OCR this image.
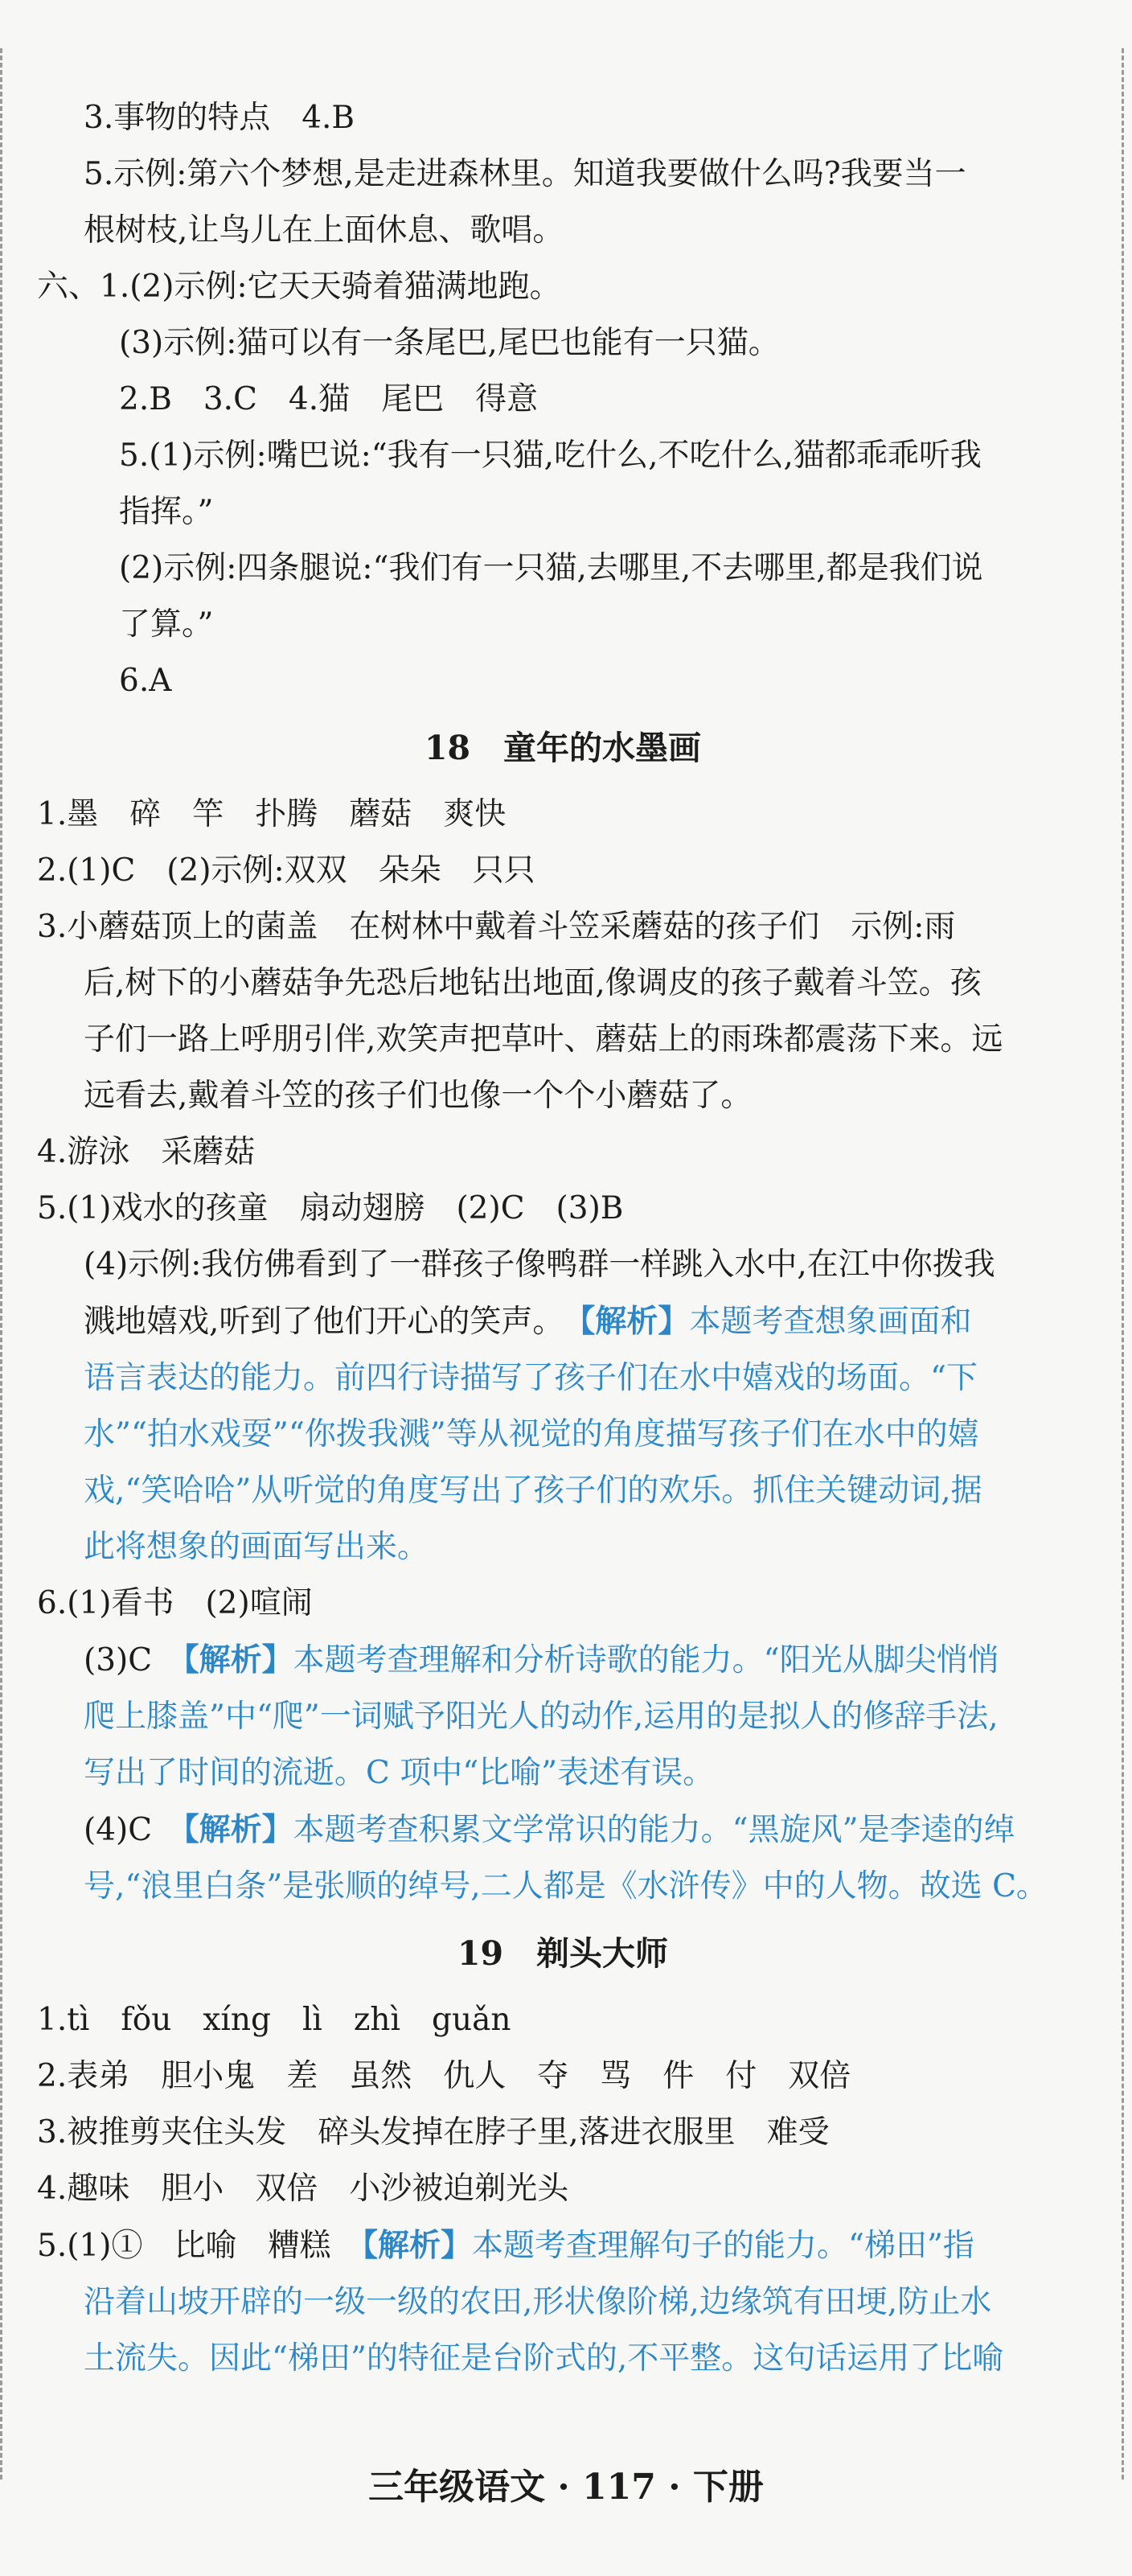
3.事物的特点　4.B
5.示例:第六个梦想,是走进森林里。知道我要做什么吗?我要当一
根树枝,让鸟儿在上面休息、歌唱。
六、1.(2)示例:它天天骑着猫满地跑。
(3)示例:猫可以有一条尾巴,尾巴也能有一只猫。
2.B　3.C　4.猫　尾巴　得意
5.(1)示例:嘴巴说:“我有一只猫,吃什么,不吃什么,猫都乖乖听我
指挥。”
(2)示例:四条腿说:“我们有一只猫,去哪里,不去哪里,都是我们说
了算。”
6.A
18　童年的水墨画
1.墨　碎　竿　扑腾　蘑菇　爽快
2.(1)C　(2)示例:双双　朵朵　只只
3.小蘑菇顶上的菌盖　在树林中戴着斗笠采蘑菇的孩子们　示例:雨
后,树下的小蘑菇争先恐后地钻出地面,像调皮的孩子戴着斗笠。孩
子们一路上呼朋引伴,欢笑声把草叶、蘑菇上的雨珠都震荡下来。远
远看去,戴着斗笠的孩子们也像一个个小蘑菇了。
4.游泳　采蘑菇
5.(1)戏水的孩童　扇动翅膀　(2)C　(3)B
(4)示例:我仿佛看到了一群孩子像鸭群一样跳入水中,在江中你拨我
溅地嬉戏,听到了他们开心的笑声。　 【解析】本题考查想象画面和
语言表达的能力。前四行诗描写了孩子们在水中嬉戏的场面。“下
水”“拍水戏耍”“你拨我溅”等从视觉的角度描写孩子们在水中的嬉
戏,“笑哈哈”从听觉的角度写出了孩子们的欢乐。抓住关键动词,据
此将想象的画面写出来。
6.(1)看书　(2)喧闹
(3)C　 【解析】本题考查理解和分析诗歌的能力。“阳光从脚尖悄悄
爬上膝盖”中“爬”一词赋予阳光人的动作,运用的是拟人的修辞手法,
写出了时间的流逝。C 项中“比喻”表述有误。
(4)C　 【解析】本题考查积累文学常识的能力。“黑旋风”是李逵的绰
号,“浪里白条”是张顺的绰号,二人都是《水浒传》中的人物。故选 C。
19　剃头大师
1.tì　fǒu　xíng　lì　zhì　guǎn
2.表弟　胆小鬼　差　虽然　仇人　夺　骂　件　付　双倍
3.被推剪夹住头发　碎头发掉在脖子里,落进衣服里　难受
4.趣味　胆小　双倍　小沙被迫剃光头
5.(1)①　比喻　糟糕　 【解析】本题考查理解句子的能力。“梯田”指
沿着山坡开辟的一级一级的农田,形状像阶梯,边缘筑有田埂,防止水
土流失。因此“梯田”的特征是台阶式的,不平整。这句话运用了比喻
三年级语文 · 117 · 下册
